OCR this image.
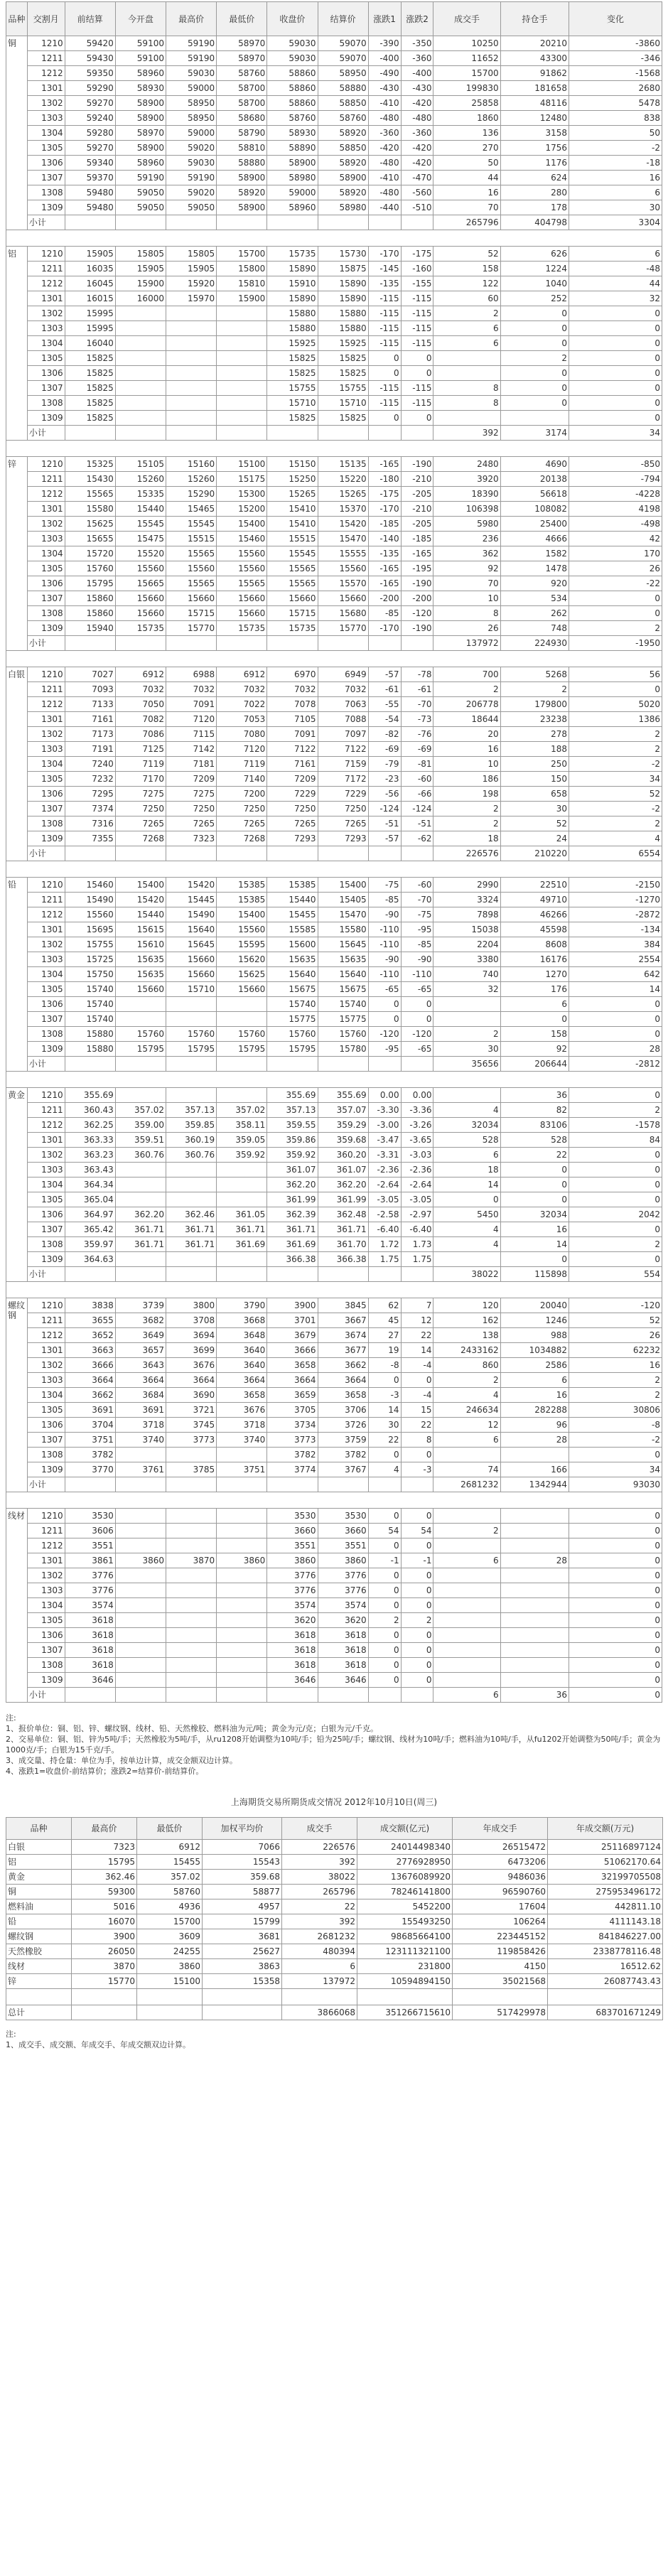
品种	交割月	前结算	今开盘	最高价	最低价	收盘价	结算价	涨跌1	涨跌2	成交手	持仓手	变化
铜	1210	59420	59100	59190	58970	59030	59070	-390	-350	10250	20210	-3860
	1211	59430	59100	59190	58970	59030	59070	-400	-360	11652	43300	-346
	1212	59350	58960	59030	58760	58860	58950	-490	-400	15700	91862	-1568
	1301	59290	58930	59000	58700	58860	58880	-430	-430	199830	181658	2680
	1302	59270	58900	58950	58700	58860	58850	-410	-420	25858	48116	5478
	1303	59240	58900	58950	58680	58760	58760	-480	-480	1860	12480	838
	1304	59280	58970	59000	58790	58930	58920	-360	-360	136	3158	50
	1305	59270	58900	59020	58810	58890	58850	-420	-420	270	1756	-2
	1306	59340	58960	59030	58880	58900	58920	-480	-420	50	1176	-18
	1307	59370	59190	59190	58900	58980	58900	-410	-470	44	624	16
	1308	59480	59050	59020	58920	59000	58920	-480	-560	16	280	6
	1309	59480	59050	59050	58900	58960	58980	-440	-510	70	178	30
	小计									265796	404798	3304

铝	1210	15905	15805	15805	15700	15735	15730	-170	-175	52	626	6
	1211	16035	15905	15905	15800	15890	15875	-145	-160	158	1224	-48
	1212	16045	15900	15920	15810	15910	15890	-135	-155	122	1040	44
	1301	16015	16000	15970	15900	15890	15890	-115	-115	60	252	32
	1302	15995				15880	15880	-115	-115	2	0	0
	1303	15995				15880	15880	-115	-115	6	0	0
	1304	16040				15925	15925	-115	-115	6	0	0
	1305	15825				15825	15825	0	0		2	0
	1306	15825				15825	15825	0	0		0	0
	1307	15825				15755	15755	-115	-115	8	0	0
	1308	15825				15710	15710	-115	-115	8	0	0
	1309	15825				15825	15825	0	0			0
	小计									392	3174	34

锌	1210	15325	15105	15160	15100	15150	15135	-165	-190	2480	4690	-850
	1211	15430	15260	15260	15175	15250	15220	-180	-210	3920	20138	-794
	1212	15565	15335	15290	15300	15265	15265	-175	-205	18390	56618	-4228
	1301	15580	15440	15465	15200	15410	15370	-170	-210	106398	108082	4198
	1302	15625	15545	15545	15400	15410	15420	-185	-205	5980	25400	-498
	1303	15655	15475	15515	15460	15515	15470	-140	-185	236	4666	42
	1304	15720	15520	15565	15560	15545	15555	-135	-165	362	1582	170
	1305	15760	15560	15560	15560	15565	15560	-165	-195	92	1478	26
	1306	15795	15665	15565	15565	15565	15570	-165	-190	70	920	-22
	1307	15860	15660	15660	15660	15660	15660	-200	-200	10	534	0
	1308	15860	15660	15715	15660	15715	15680	-85	-120	8	262	0
	1309	15940	15735	15770	15735	15735	15770	-170	-190	26	748	2
	小计									137972	224930	-1950

白银	1210	7027	6912	6988	6912	6970	6949	-57	-78	700	5268	56
	1211	7093	7032	7032	7032	7032	7032	-61	-61	2	2	0
	1212	7133	7050	7091	7022	7078	7063	-55	-70	206778	179800	5020
	1301	7161	7082	7120	7053	7105	7088	-54	-73	18644	23238	1386
	1302	7173	7086	7115	7080	7091	7097	-82	-76	20	278	2
	1303	7191	7125	7142	7120	7122	7122	-69	-69	16	188	2
	1304	7240	7119	7181	7119	7161	7159	-79	-81	10	250	-2
	1305	7232	7170	7209	7140	7209	7172	-23	-60	186	150	34
	1306	7295	7275	7275	7200	7229	7229	-56	-66	198	658	52
	1307	7374	7250	7250	7250	7250	7250	-124	-124	2	30	-2
	1308	7316	7265	7265	7265	7265	7265	-51	-51	2	52	2
	1309	7355	7268	7323	7268	7293	7293	-57	-62	18	24	4
	小计									226576	210220	6554

铅	1210	15460	15400	15420	15385	15385	15400	-75	-60	2990	22510	-2150
	1211	15490	15420	15445	15385	15440	15405	-85	-70	3324	49710	-1270
	1212	15560	15440	15490	15400	15455	15470	-90	-75	7898	46266	-2872
	1301	15695	15615	15640	15560	15585	15580	-110	-95	15038	45598	-134
	1302	15755	15610	15645	15595	15600	15645	-110	-85	2204	8608	384
	1303	15725	15635	15660	15620	15635	15635	-90	-90	3380	16176	2554
	1304	15750	15635	15660	15625	15640	15640	-110	-110	740	1270	642
	1305	15740	15660	15710	15660	15675	15675	-65	-65	32	176	14
	1306	15740				15740	15740	0	0		6	0
	1307	15740				15775	15775	0	0		0	0
	1308	15880	15760	15760	15760	15760	15760	-120	-120	2	158	0
	1309	15880	15795	15795	15795	15795	15780	-95	-65	30	92	28
	小计									35656	206644	-2812

黄金	1210	355.69				355.69	355.69	0.00	0.00		36	0
	1211	360.43	357.02	357.13	357.02	357.13	357.07	-3.30	-3.36	4	82	2
	1212	362.25	359.00	359.85	358.11	359.55	359.29	-3.00	-3.26	32034	83106	-1578
	1301	363.33	359.51	360.19	359.05	359.86	359.68	-3.47	-3.65	528	528	84
	1302	363.23	360.76	360.76	359.92	359.92	360.20	-3.31	-3.03	6	22	0
	1303	363.43				361.07	361.07	-2.36	-2.36	18	0	0
	1304	364.34				362.20	362.20	-2.64	-2.64	14	0	0
	1305	365.04				361.99	361.99	-3.05	-3.05	0	0	0
	1306	364.97	362.20	362.46	361.05	362.39	362.48	-2.58	-2.97	5450	32034	2042
	1307	365.42	361.71	361.71	361.71	361.71	361.71	-6.40	-6.40	4	16	0
	1308	359.97	361.71	361.71	361.69	361.69	361.70	1.72	1.73	4	14	2
	1309	364.63				366.38	366.38	1.75	1.75		0	0
	小计									38022	115898	554

螺纹钢	1210	3838	3739	3800	3790	3900	3845	62	7	120	20040	-120
	1211	3655	3682	3708	3668	3701	3667	45	12	162	1246	52
	1212	3652	3649	3694	3648	3679	3674	27	22	138	988	26
	1301	3663	3657	3699	3640	3666	3677	19	14	2433162	1034882	62232
	1302	3666	3643	3676	3640	3658	3662	-8	-4	860	2586	16
	1303	3664	3664	3664	3664	3664	3664	0	0	2	6	2
	1304	3662	3684	3690	3658	3659	3658	-3	-4	4	16	2
	1305	3691	3691	3721	3676	3705	3706	14	15	246634	282288	30806
	1306	3704	3718	3745	3718	3734	3726	30	22	12	96	-8
	1307	3751	3740	3773	3740	3773	3759	22	8	6	28	-2
	1308	3782				3782	3782	0	0			0
	1309	3770	3761	3785	3751	3774	3767	4	-3	74	166	34
	小计									2681232	1342944	93030

线材	1210	3530				3530	3530	0	0			0
	1211	3606				3660	3660	54	54	2		0
	1212	3551				3551	3551	0	0			0
	1301	3861	3860	3870	3860	3860	3860	-1	-1	6	28	0
	1302	3776				3776	3776	0	0			0
	1303	3776				3776	3776	0	0			0
	1304	3574				3574	3574	0	0			0
	1305	3618				3620	3620	2	2			0
	1306	3618				3618	3618	0	0			0
	1307	3618				3618	3618	0	0			0
	1308	3618				3618	3618	0	0			0
	1309	3646				3646	3646	0	0			0
	小计									6	36	0
注:
1、报价单位：铜、铝、锌、螺纹钢、线材、铅、天然橡胶、燃料油为元/吨；黄金为元/克；白银为元/千克。
2、交易单位：铜、铝、锌为5吨/手；天然橡胶为5吨/手，从ru1208开始调整为10吨/手；铅为25吨/手；螺纹钢、线材为10吨/手；燃料油为10吨/手，从fu1202开始调整为50吨/手；黄金为1000克/手；白银为15千克/手。
3、成交量、持仓量：单位为手，按单边计算，成交金额双边计算。
4、涨跌1=收盘价-前结算价；涨跌2=结算价-前结算价。
上海期货交易所期货成交情况 2012年10月10日(周三)
品种	最高价	最低价	加权平均价	成交手	成交额(亿元)	年成交手	年成交额(万元)
白银	7323	6912	7066	226576	24014498340	26515472	25116897124
铝	15795	15455	15543	392	2776928950	6473206	51062170.64
黄金	362.46	357.02	359.68	38022	13676089920	9486036	32199705508
铜	59300	58760	58877	265796	78246141800	96590760	275953496172
燃料油	5016	4936	4957	22	5452200	17604	442811.10
铅	16070	15700	15799	392	155493250	106264	4111143.18
螺纹钢	3900	3609	3681	2681232	98685664100	223445152	841846227.00
天然橡胶	26050	24255	25627	480394	123111321100	119858426	2338778116.48
线材	3870	3860	3863	6	231800	4150	16512.62
锌	15770	15100	15358	137972	10594894150	35021568	26087743.43

总计				3866068	351266715610	517429978	683701671249
注:
1、成交手、成交额、年成交手、年成交额双边计算。
